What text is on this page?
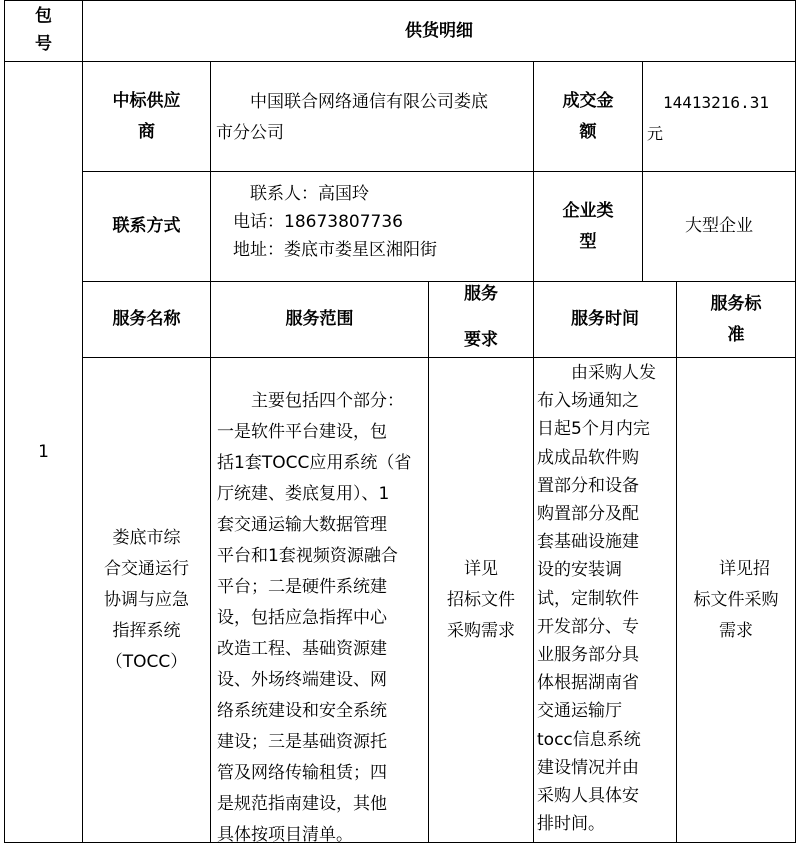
包
号
供货明细
中标供应
商
　　中国联合网络通信有限公司娄底
市分公司
成交金
额
　14413216.31
元
联系方式
　　联系人：高国玲
　电话：18673807736
　地址：娄底市娄星区湘阳街
企业类
型
大型企业
服务名称	服务范围
服务

要求
服务时间
服务标
准
1
娄底市综
合交通运行
协调与应急
指挥系统
（TOCC）
　　主要包括四个部分：
一是软件平台建设，包
括1套TOCC应用系统（省
厅统建、娄底复用）、1
套交通运输大数据管理
平台和1套视频资源融合
平台；二是硬件系统建
设，包括应急指挥中心
改造工程、基础资源建
设、外场终端建设、网
络系统建设和安全系统
建设；三是基础资源托
管及网络传输租赁；四
是规范指南建设，其他
具体按项目清单。
详见
招标文件
采购需求
　　由采购人发
布入场通知之
日起5个月内完
成成品软件购
置部分和设备
购置部分及配
套基础设施建
设的安装调
试，定制软件
开发部分、专
业服务部分具
体根据湖南省
交通运输厅
tocc信息系统
建设情况并由
采购人具体安
排时间。
　详见招
标文件采购
需求
